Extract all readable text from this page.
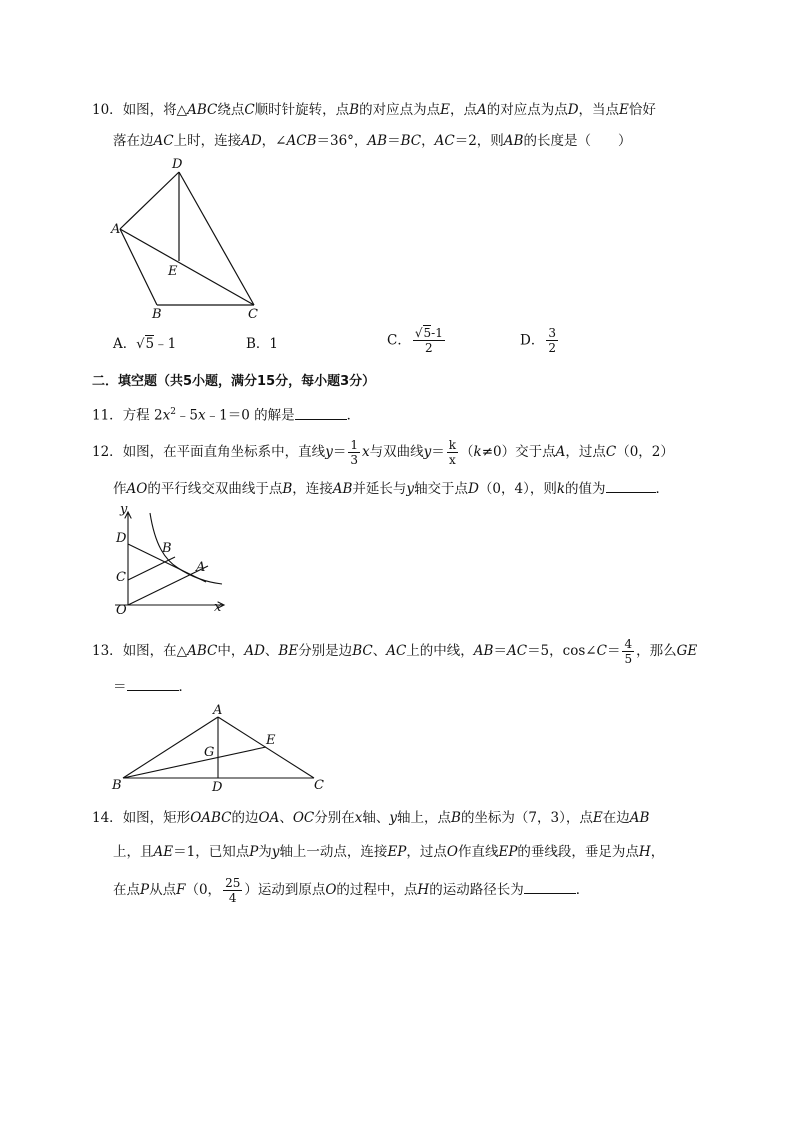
10．如图，将△ABC绕点C顺时针旋转，点B的对应点为点E，点A的对应点为点D，当点E恰好
落在边AC上时，连接AD，∠ACB＝36°，AB＝BC，AC＝2，则AB的长度是（　　）
D
A
E
B	C
A．√5﹣1	B．1	C． $\frac{√5-1}{2}$	D． $\frac{3}{2}$
二．填空题（共5小题，满分15分，每小题3分）
11．方程 $2x^2﹣5x﹣1=0$ 的解是	．
12．如图，在平面直角坐标系中，直线$y= \frac{1}{3}$ x与双曲线$y= \frac{k}{x} (k\ne 0)$交于点A，过点C（0，2）
作AO的平行线交双曲线于点B，连接AB并延长与y轴交于点D（0，4），则k的值为	．
y
D
B
A
C
O	x
13．如图，在△ABC中，AD、BE分别是边BC、AC上的中线，AB＝AC＝5，cos∠C＝ $\frac{4}{5}$ ，那么GE
＝	．
A
E
G
B	D	C
14．如图，矩形OABC的边OA、OC分别在x轴、y轴上，点B的坐标为（7，3），点E在边AB
上，且AE＝1，已知点P为y轴上一动点，连接EP，过点O作直线EP的垂线段，垂足为点H，
在点P从点F（0， $\frac{25}{4}$ ）运动到原点O的过程中，点H的运动路径长为	．
